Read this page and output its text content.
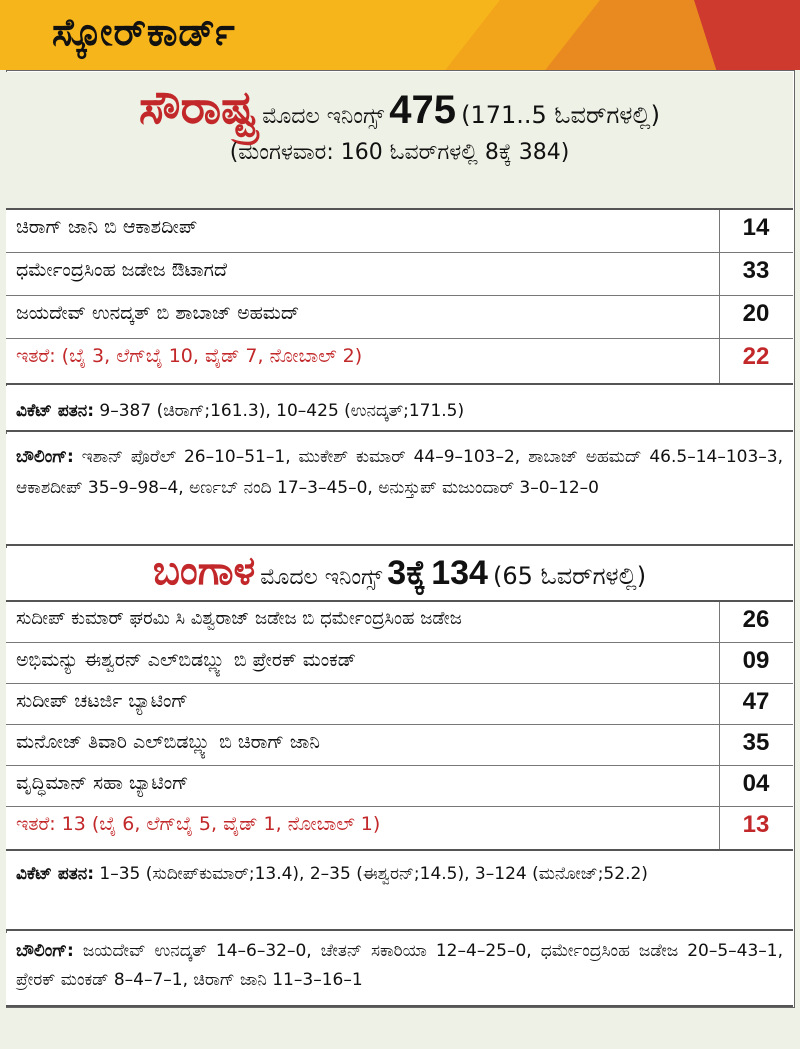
ಸ್ಕೋರ್‌ಕಾರ್ಡ್
ಸೌರಾಷ್ಟ್ರ ಮೊದಲ ಇನಿಂಗ್ಸ್ 475 (171..5 ಓವರ್‌ಗಳಲ್ಲಿ)
(ಮಂಗಳವಾರ: 160 ಓವರ್‌ಗಳಲ್ಲಿ 8ಕ್ಕೆ 384)
ಚಿರಾಗ್ ಜಾನಿ ಬಿ ಆಕಾಶದೀಪ್	14
ಧರ್ಮೇಂದ್ರಸಿಂಹ ಜಡೇಜ ಔಟಾಗದೆ	33
ಜಯದೇವ್ ಉನದ್ಕತ್ ಬಿ ಶಾಬಾಜ್ ಅಹಮದ್	20
ಇತರೆ: (ಬೈ 3, ಲೆಗ್‌ಬೈ 10, ವೈಡ್ 7, ನೋಬಾಲ್ 2)	22
ವಿಕೆಟ್ ಪತನ: 9–387 (ಚಿರಾಗ್;161.3), 10–425 (ಉನದ್ಕತ್;171.5)
ಬೌಲಿಂಗ್: ಇಶಾನ್ ಪೊರೆಲ್ 26–10–51–1, ಮುಕೇಶ್ ಕುಮಾರ್ 44–9–103–2, ಶಾಬಾಜ್ ಅಹಮದ್ 46.5–14–103–3, ಆಕಾಶದೀಪ್ 35–9–98–4, ಅರ್ಣಬ್ ನಂದಿ 17–3–45–0, ಅನುಸ್ತುಪ್ ಮಜುಂದಾರ್ 3–0–12–0
ಬಂಗಾಳ ಮೊದಲ ಇನಿಂಗ್ಸ್ 3ಕ್ಕೆ 134 (65 ಓವರ್‌ಗಳಲ್ಲಿ)
ಸುದೀಪ್ ಕುಮಾರ್ ಘರಮಿ ಸಿ ವಿಶ್ವರಾಜ್ ಜಡೇಜ ಬಿ ಧರ್ಮೇಂದ್ರಸಿಂಹ ಜಡೇಜ	26
ಅಭಿಮನ್ಯು ಈಶ್ವರನ್ ಎಲ್‌ಬಿಡಬ್ಲ್ಯು ಬಿ ಪ್ರೇರಕ್ ಮಂಕಡ್	09
ಸುದೀಪ್ ಚಟರ್ಜಿ ಬ್ಯಾಟಿಂಗ್	47
ಮನೋಜ್ ತಿವಾರಿ ಎಲ್‌ಬಿಡಬ್ಲ್ಯು ಬಿ ಚಿರಾಗ್ ಜಾನಿ	35
ವೃದ್ಧಿಮಾನ್ ಸಹಾ ಬ್ಯಾಟಿಂಗ್	04
ಇತರೆ: 13 (ಬೈ 6, ಲೆಗ್‌ಬೈ 5, ವೈಡ್ 1, ನೋಬಾಲ್ 1)	13
ವಿಕೆಟ್ ಪತನ: 1–35 (ಸುದೀಪ್‌ಕುಮಾರ್;13.4), 2–35 (ಈಶ್ವರನ್;14.5), 3–124 (ಮನೋಜ್;52.2)
ಬೌಲಿಂಗ್: ಜಯದೇವ್ ಉನದ್ಕತ್ 14–6–32–0, ಚೇತನ್ ಸಕಾರಿಯಾ 12–4–25–0, ಧರ್ಮೇಂದ್ರಸಿಂಹ ಜಡೇಜ 20–5–43–1, ಪ್ರೇರಕ್ ಮಂಕಡ್ 8–4–7–1, ಚಿರಾಗ್ ಜಾನಿ 11–3–16–1
